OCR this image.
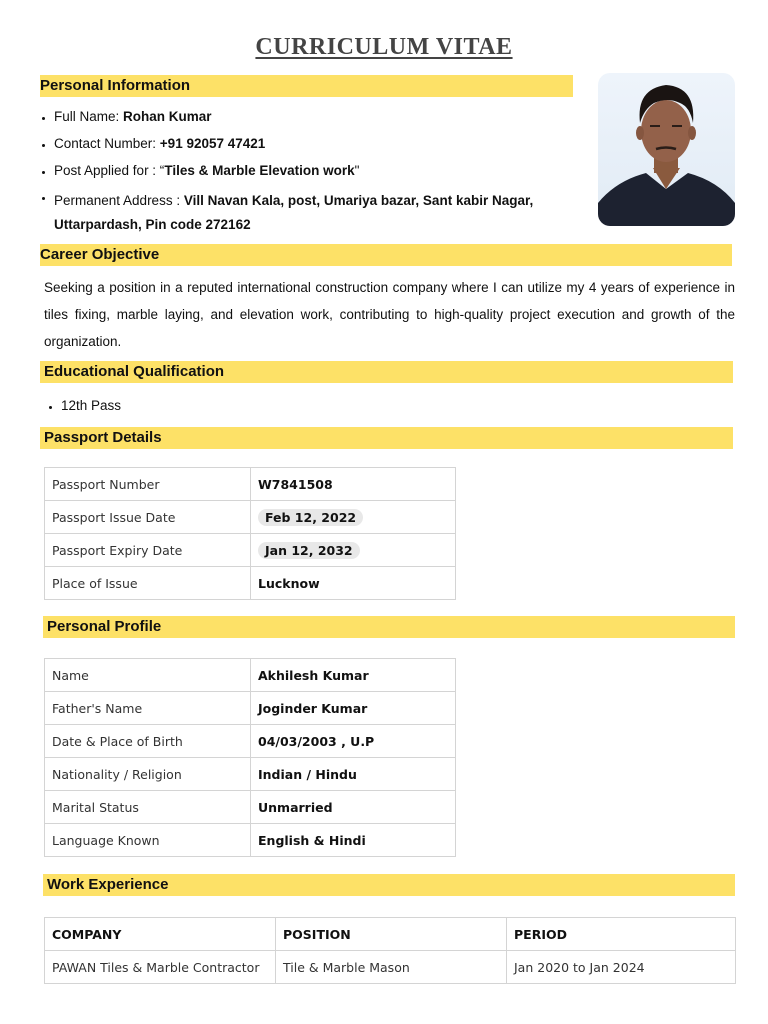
CURRICULUM VITAE
Personal Information
Full Name: Rohan Kumar
Contact Number: +91 92057 47421
Post Applied for : “Tiles & Marble Elevation work"
Permanent Address : Vill Navan Kala, post, Umariya bazar, Sant kabir Nagar, Uttarpardash, Pin code 272162
Career Objective

Seeking a position in a reputed international construction company where I can utilize my 4 years of experience in tiles fixing, marble laying, and elevation work, contributing to high-quality project execution and growth of the organization.

Educational Qualification
12th Pass
Passport Details
Passport Number	W7841508
Passport Issue Date	Feb 12, 2022
Passport Expiry Date	Jan 12, 2032
Place of Issue	Lucknow
Personal Profile
Name	Akhilesh Kumar
Father's Name	Joginder Kumar
Date & Place of Birth	04/03/2003 , U.P
Nationality / Religion	Indian / Hindu
Marital Status	Unmarried
Language Known	English & Hindi
Work Experience
COMPANY	POSITION	PERIOD
PAWAN Tiles & Marble Contractor	Tile & Marble Mason	Jan 2020 to Jan 2024
